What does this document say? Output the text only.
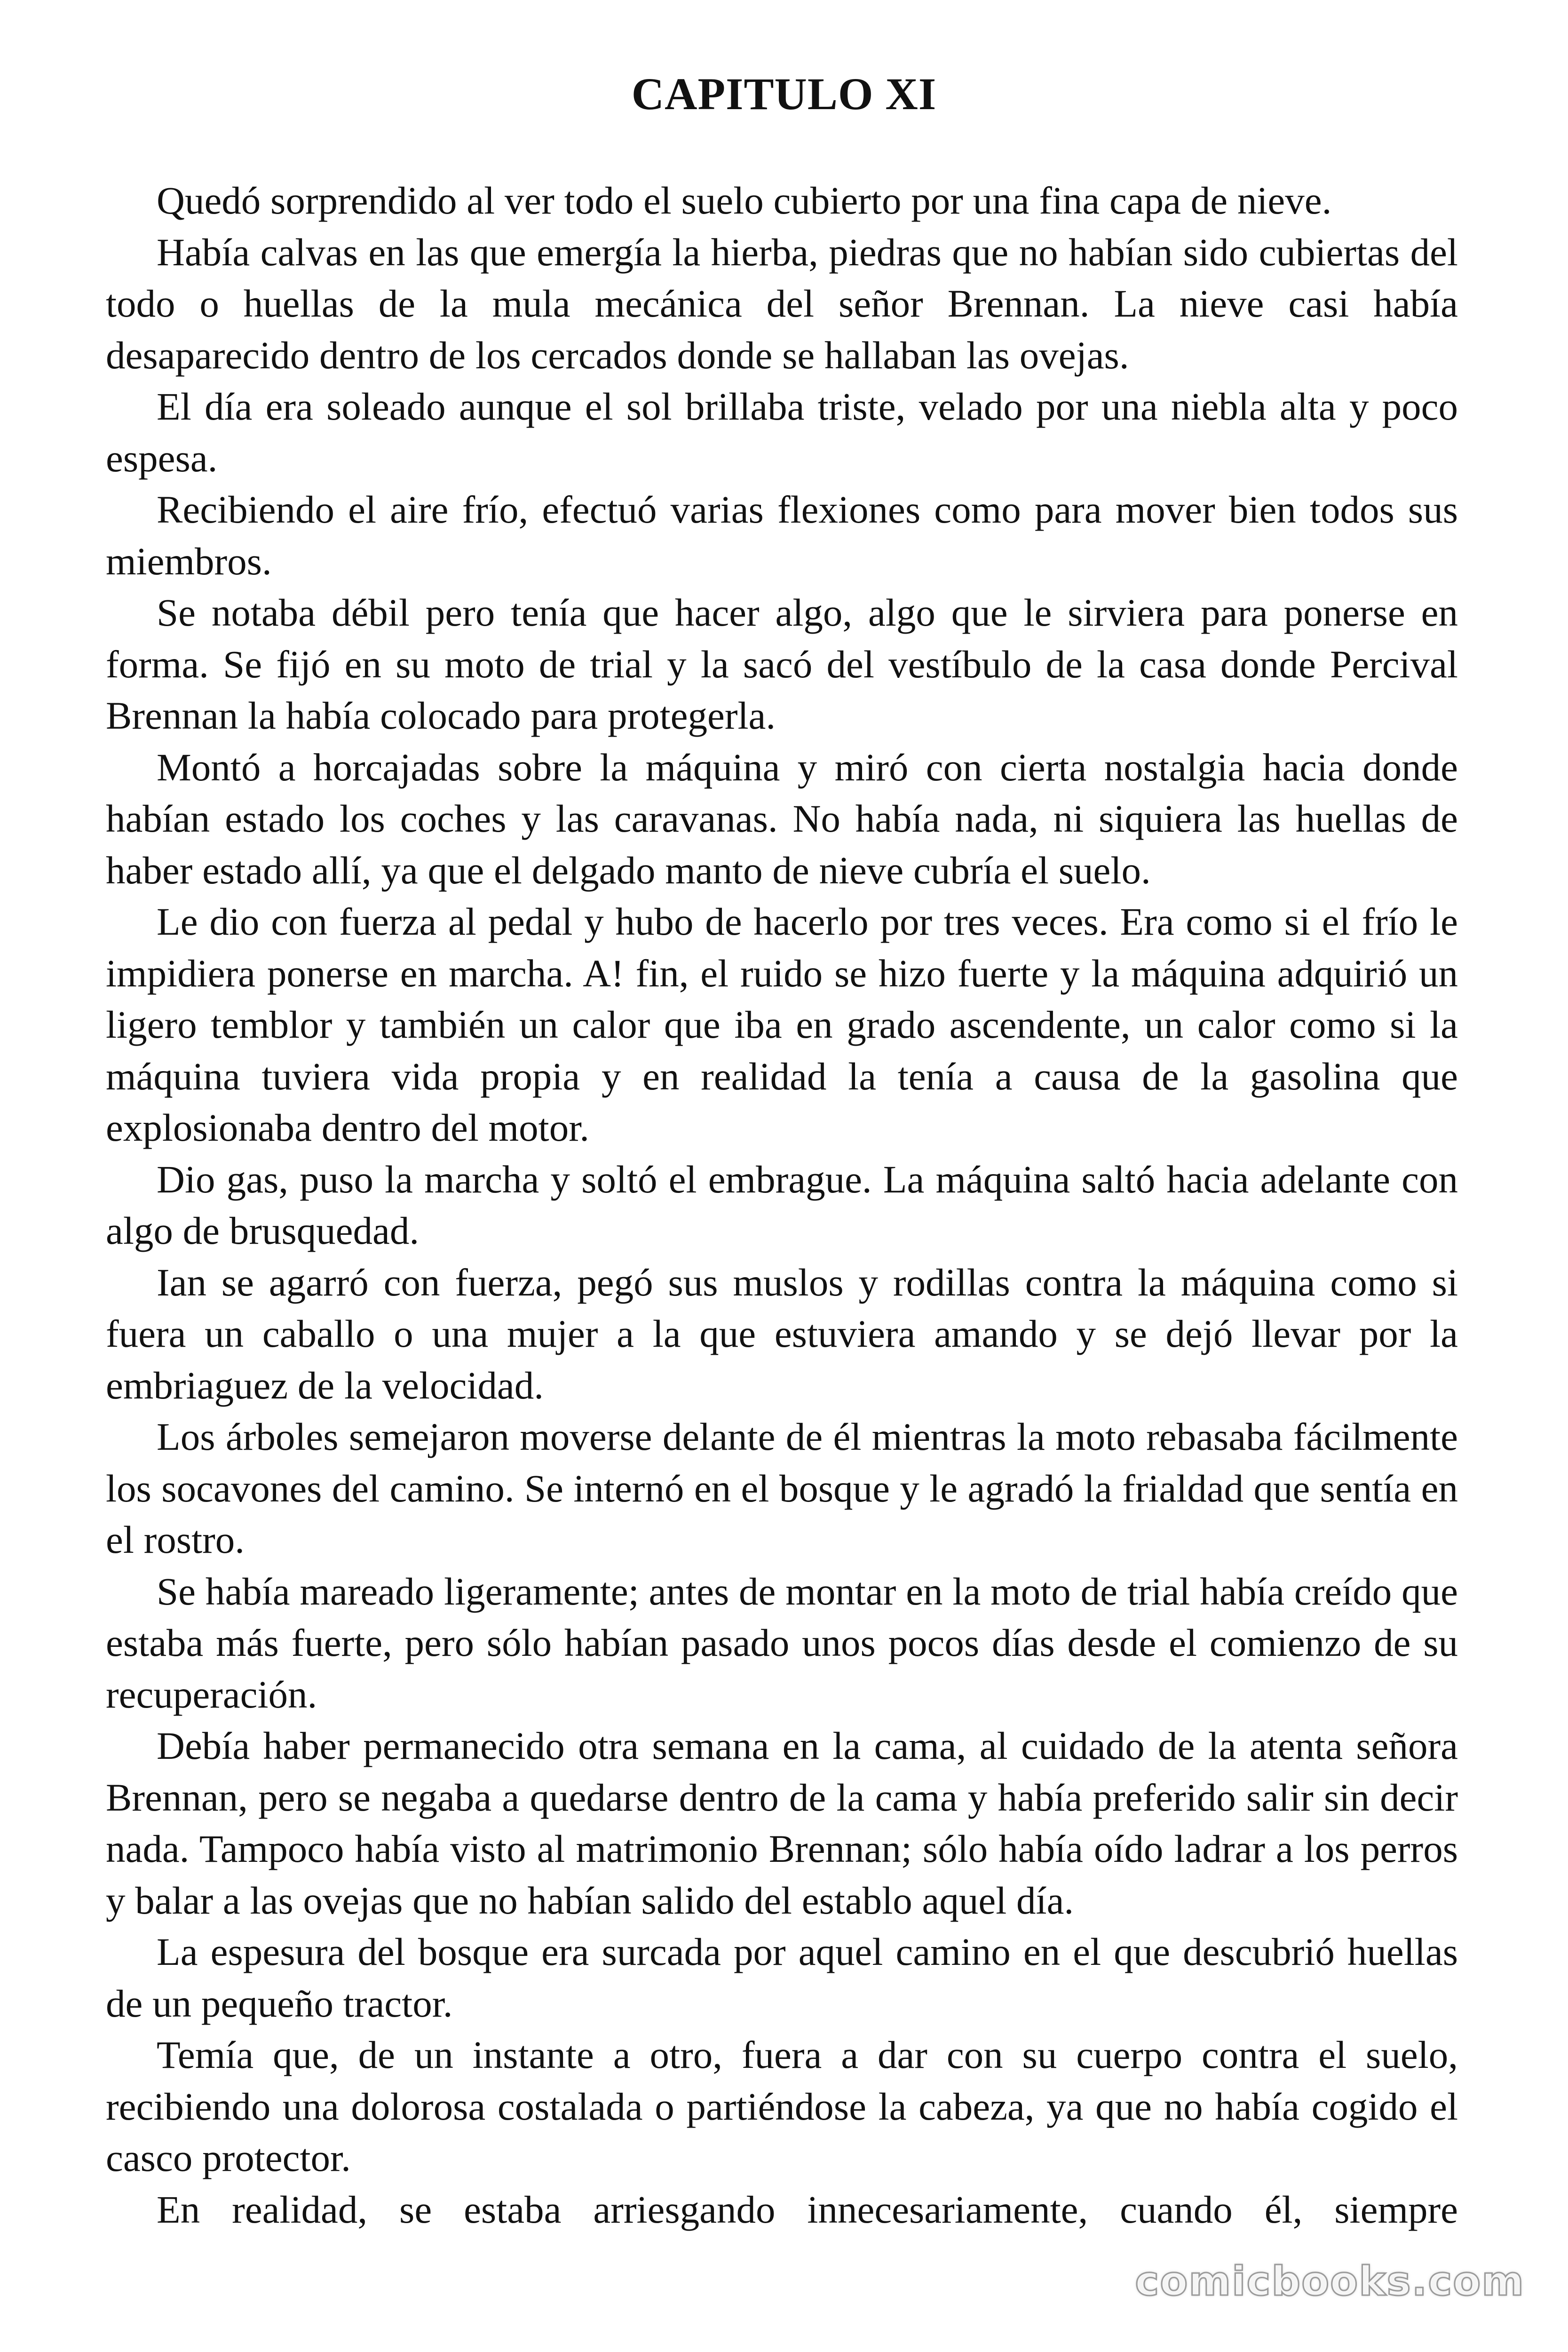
CAPITULO XI

Quedó sorprendido al ver todo el suelo cubierto por una fina capa de nieve.

Había calvas en las que emergía la hierba, piedras que no habían sido cubiertas del todo o huellas de la mula mecánica del señor Brennan. La nieve casi había desaparecido dentro de los cercados donde se hallaban las ovejas.

El día era soleado aunque el sol brillaba triste, velado por una niebla alta y poco espesa.

Recibiendo el aire frío, efectuó varias flexiones como para mover bien todos sus miembros.

Se notaba débil pero tenía que hacer algo, algo que le sirviera para ponerse en forma. Se fijó en su moto de trial y la sacó del vestíbulo de la casa donde Percival Brennan la había colocado para protegerla.

Montó a horcajadas sobre la máquina y miró con cierta nostalgia hacia donde habían estado los coches y las caravanas. No había nada, ni siquiera las huellas de haber estado allí, ya que el delgado manto de nieve cubría el suelo.

Le dio con fuerza al pedal y hubo de hacerlo por tres veces. Era como si el frío le impidiera ponerse en marcha. A! fin, el ruido se hizo fuerte y la máquina adquirió un ligero temblor y también un calor que iba en grado ascendente, un calor como si la máquina tuviera vida propia y en realidad la tenía a causa de la gasolina que explosionaba dentro del motor.

Dio gas, puso la marcha y soltó el embrague. La máquina saltó hacia adelante con algo de brusquedad.

Ian se agarró con fuerza, pegó sus muslos y rodillas contra la máquina como si fuera un caballo o una mujer a la que estuviera amando y se dejó llevar por la embriaguez de la velocidad.

Los árboles semejaron moverse delante de él mientras la moto rebasaba fácilmente los socavones del camino. Se internó en el bosque y le agradó la frialdad que sentía en el rostro.

Se había mareado ligeramente; antes de montar en la moto de trial había creído que estaba más fuerte, pero sólo habían pasado unos pocos días desde el comienzo de su recuperación.

Debía haber permanecido otra semana en la cama, al cuidado de la atenta señora Brennan, pero se negaba a quedarse dentro de la cama y había preferido salir sin decir nada. Tampoco había visto al matrimonio Brennan; sólo había oído ladrar a los perros y balar a las ovejas que no habían salido del establo aquel día.

La espesura del bosque era surcada por aquel camino en el que descubrió huellas de un pequeño tractor.

Temía que, de un instante a otro, fuera a dar con su cuerpo contra el suelo, recibiendo una dolorosa costalada o partiéndose la cabeza, ya que no había cogido el casco protector.

En realidad, se estaba arriesgando innecesariamente, cuando él, siempre

comicbooks.com
